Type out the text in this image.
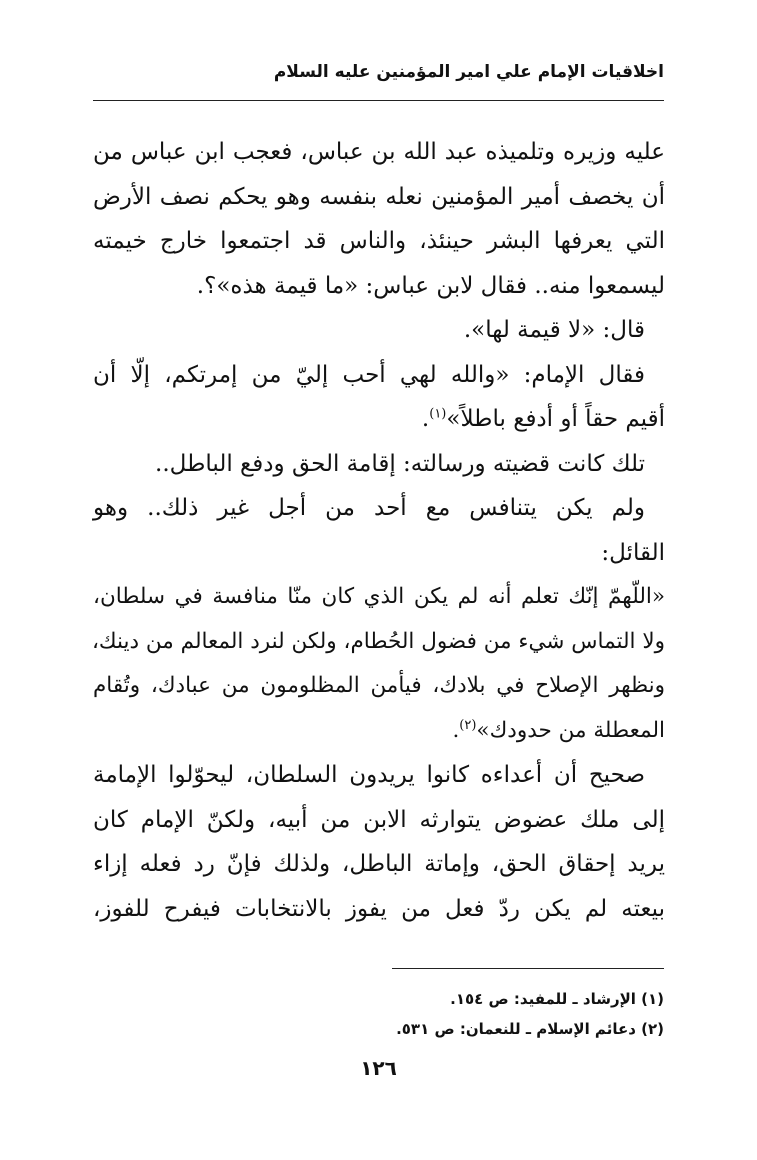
اخلاقيات الإمام علي امير المؤمنين عليه السلام
عليه وزيره وتلميذه عبد الله بن عباس، فعجب ابن عباس من
أن يخصف أمير المؤمنين نعله بنفسه وهو يحكم نصف الأرض
التي يعرفها البشر حينئذ، والناس قد اجتمعوا خارج خيمته
ليسمعوا منه.. فقال لابن عباس: «ما قيمة هذه»؟.
قال: «لا قيمة لها».
فقال الإمام: «والله لهي أحب إليّ من إمرتكم، إلّا أن
أقيم حقاً أو أدفع باطلاً»$^{(١)}$.
تلك كانت قضيته ورسالته: إقامة الحق ودفع الباطل..
ولم يكن يتنافس مع أحد من أجل غير ذلك.. وهو
القائل:
«اللّهمّ إنّك تعلم أنه لم يكن الذي كان منّا منافسة في سلطان،
ولا التماس شيء من فضول الحُطام، ولكن لنرد المعالم من دينك،
ونظهر الإصلاح في بلادك، فيأمن المظلومون من عبادك، وتُقام
المعطلة من حدودك»$^{(٢)}$.
صحيح أن أعداءه كانوا يريدون السلطان، ليحوّلوا الإمامة
إلى ملك عضوض يتوارثه الابن من أبيه، ولكنّ الإمام كان
يريد إحقاق الحق، وإماتة الباطل، ولذلك فإنّ رد فعله إزاء
بيعته لم يكن ردّ فعل من يفوز بالانتخابات فيفرح للفوز،
(١) الإرشاد ـ للمفيد: ص ١٥٤.
(٢) دعائم الإسلام ـ للنعمان: ص ٥٣١.
١٢٦
